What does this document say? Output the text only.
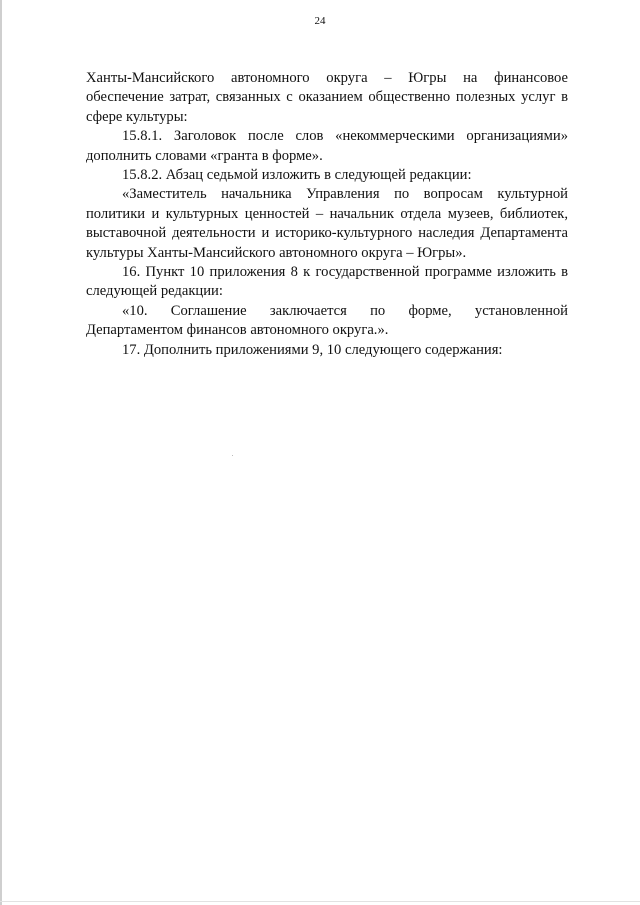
24

Ханты-Мансийского автономного округа – Югры на финансовое обеспечение затрат, связанных с оказанием общественно полезных услуг в сфере культуры:

15.8.1. Заголовок после слов «некоммерческими организациями» дополнить словами «гранта в форме».

15.8.2. Абзац седьмой изложить в следующей редакции:

«Заместитель начальника Управления по вопросам культурной политики и культурных ценностей – начальник отдела музеев, библиотек, выставочной деятельности и историко-культурного наследия Департамента культуры Ханты-Мансийского автономного округа – Югры».

16. Пункт 10 приложения 8 к государственной программе изложить в следующей редакции:

«10. Соглашение заключается по форме, установленной Департаментом финансов автономного округа.».

17. Дополнить приложениями 9, 10 следующего содержания:
